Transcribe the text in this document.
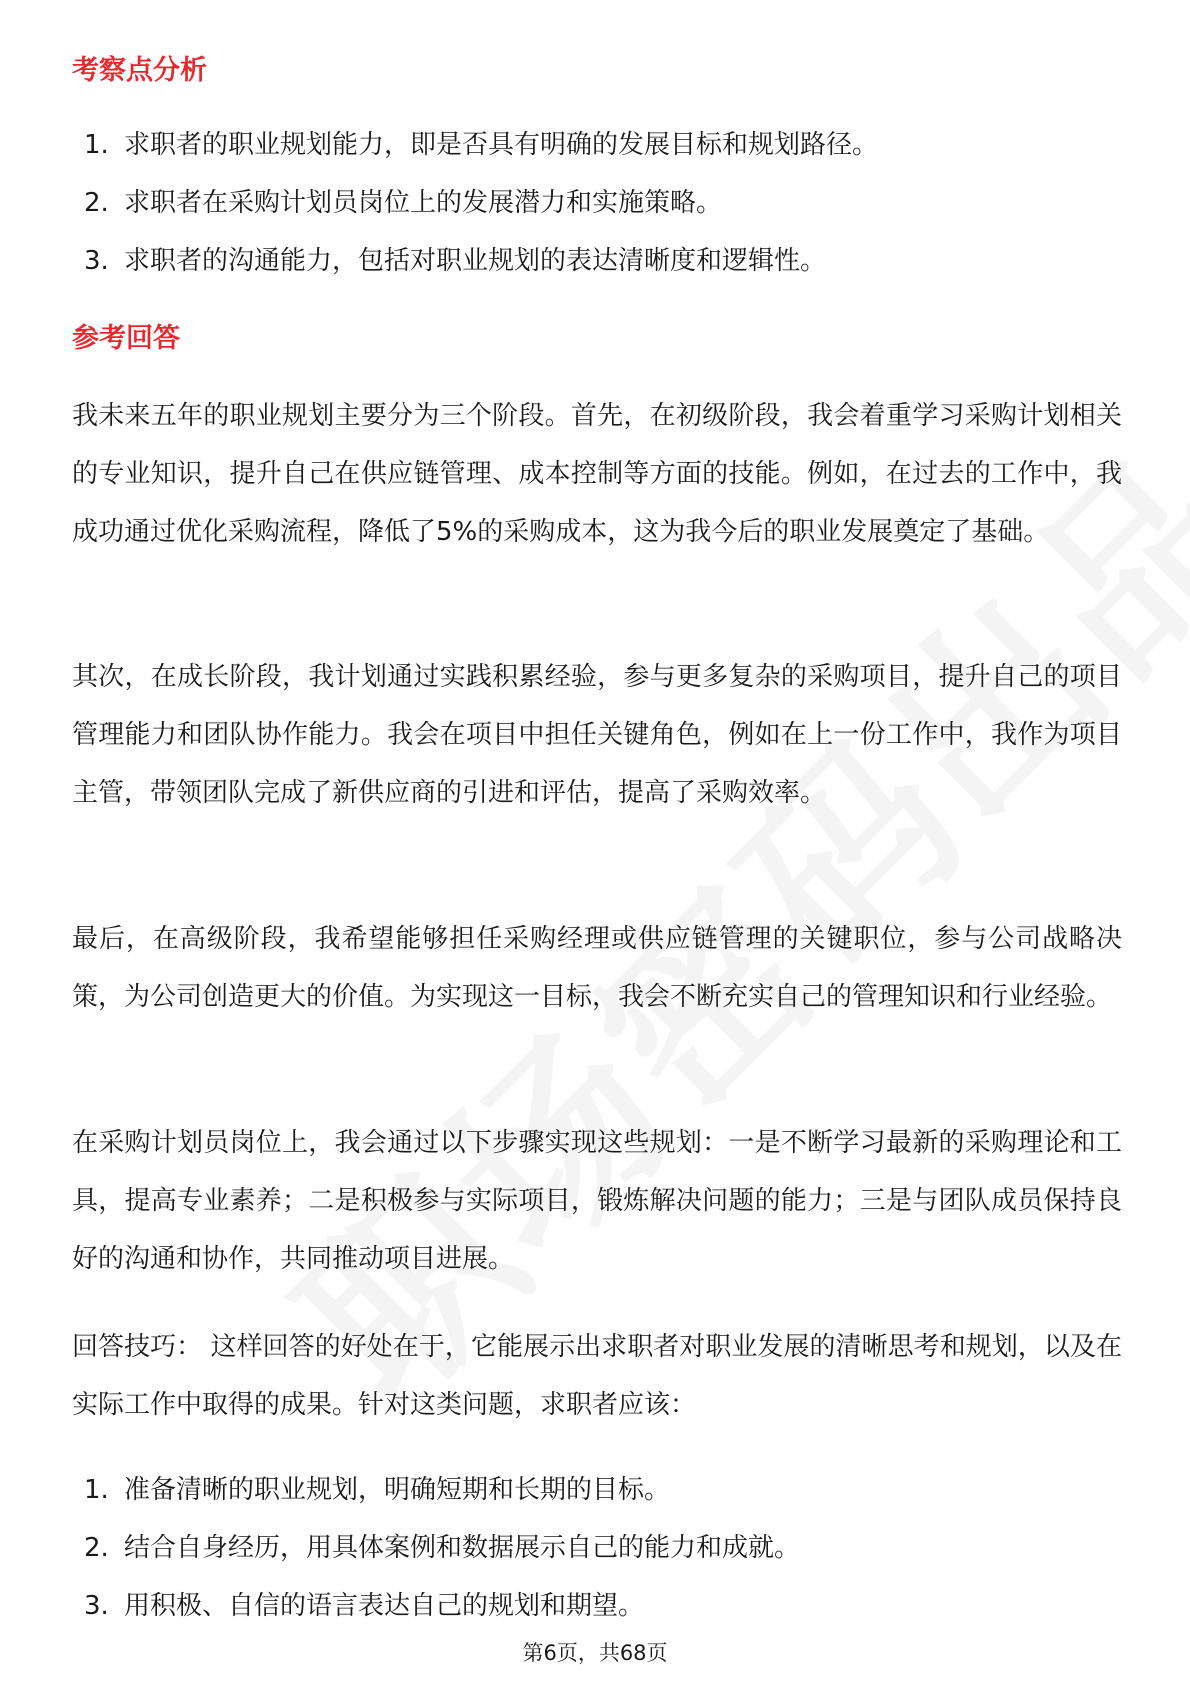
考察点分析
1. 求职者的职业规划能力，即是否具有明确的发展目标和规划路径。
2. 求职者在采购计划员岗位上的发展潜力和实施策略。
3. 求职者的沟通能力，包括对职业规划的表达清晰度和逻辑性。
参考回答

我未来五年的职业规划主要分为三个阶段。首先，在初级阶段，我会着重学习采购计划相关的专业知识，提升自己在供应链管理、成本控制等方面的技能。例如，在过去的工作中，我成功通过优化采购流程，降低了5%的采购成本，这为我今后的职业发展奠定了基础。

其次，在成长阶段，我计划通过实践积累经验，参与更多复杂的采购项目，提升自己的项目管理能力和团队协作能力。我会在项目中担任关键角色，例如在上一份工作中，我作为项目主管，带领团队完成了新供应商的引进和评估，提高了采购效率。

最后，在高级阶段，我希望能够担任采购经理或供应链管理的关键职位，参与公司战略决策，为公司创造更大的价值。为实现这一目标，我会不断充实自己的管理知识和行业经验。

在采购计划员岗位上，我会通过以下步骤实现这些规划：一是不断学习最新的采购理论和工具，提高专业素养；二是积极参与实际项目，锻炼解决问题的能力；三是与团队成员保持良好的沟通和协作，共同推动项目进展。

回答技巧： 这样回答的好处在于，它能展示出求职者对职业发展的清晰思考和规划，以及在实际工作中取得的成果。针对这类问题，求职者应该：

1. 准备清晰的职业规划，明确短期和长期的目标。
2. 结合自身经历，用具体案例和数据展示自己的能力和成就。
3. 用积极、自信的语言表达自己的规划和期望。
第6页，共68页
